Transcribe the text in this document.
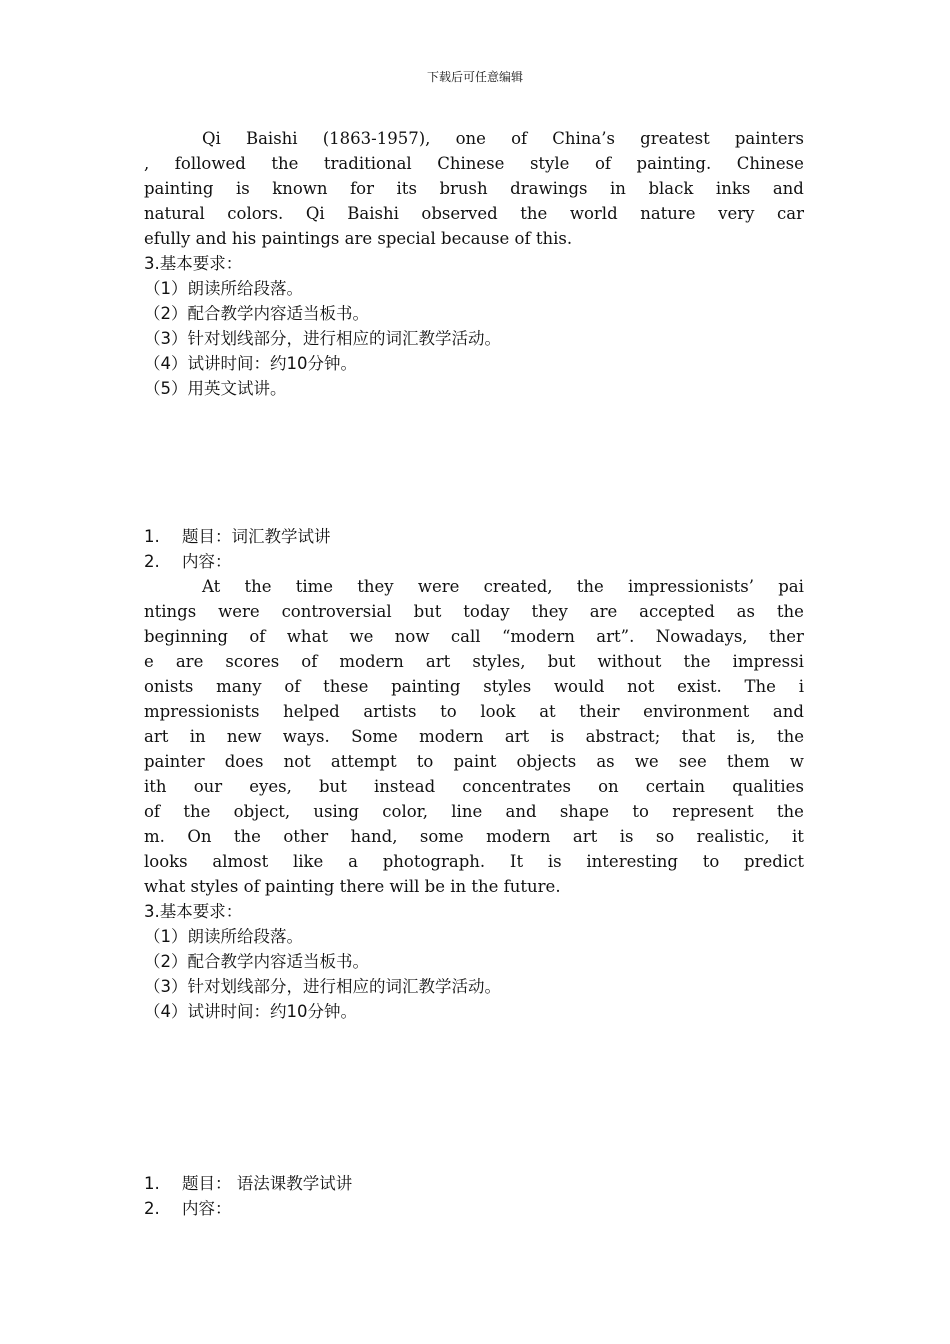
下载后可任意编辑
Qi Baishi (1863-1957), one of China’s greatest painters
, followed the traditional Chinese style of painting. Chinese
painting is known for its brush drawings in black inks and
natural colors. Qi Baishi observed the world nature very car
efully and his paintings are special because of this.
3.基本要求：
（1）朗读所给段落。
（2）配合教学内容适当板书。
（3）针对划线部分，进行相应的词汇教学活动。
（4）试讲时间：约10分钟。
（5）用英文试讲。
1. 题目：词汇教学试讲
2. 内容：
At the time they were created, the impressionists’ pai
ntings were controversial but today they are accepted as the
beginning of what we now call “modern art”. Nowadays, ther
e are scores of modern art styles, but without the impressi
onists many of these painting styles would not exist. The i
mpressionists helped artists to look at their environment and
art in new ways. Some modern art is abstract; that is, the
painter does not attempt to paint objects as we see them w
ith our eyes, but instead concentrates on certain qualities
of the object, using color, line and shape to represent the
m. On the other hand, some modern art is so realistic, it
looks almost like a photograph. It is interesting to predict
what styles of painting there will be in the future.
3.基本要求：
（1）朗读所给段落。
（2）配合教学内容适当板书。
（3）针对划线部分，进行相应的词汇教学活动。
（4）试讲时间：约10分钟。
1. 题目： 语法课教学试讲
2. 内容：
